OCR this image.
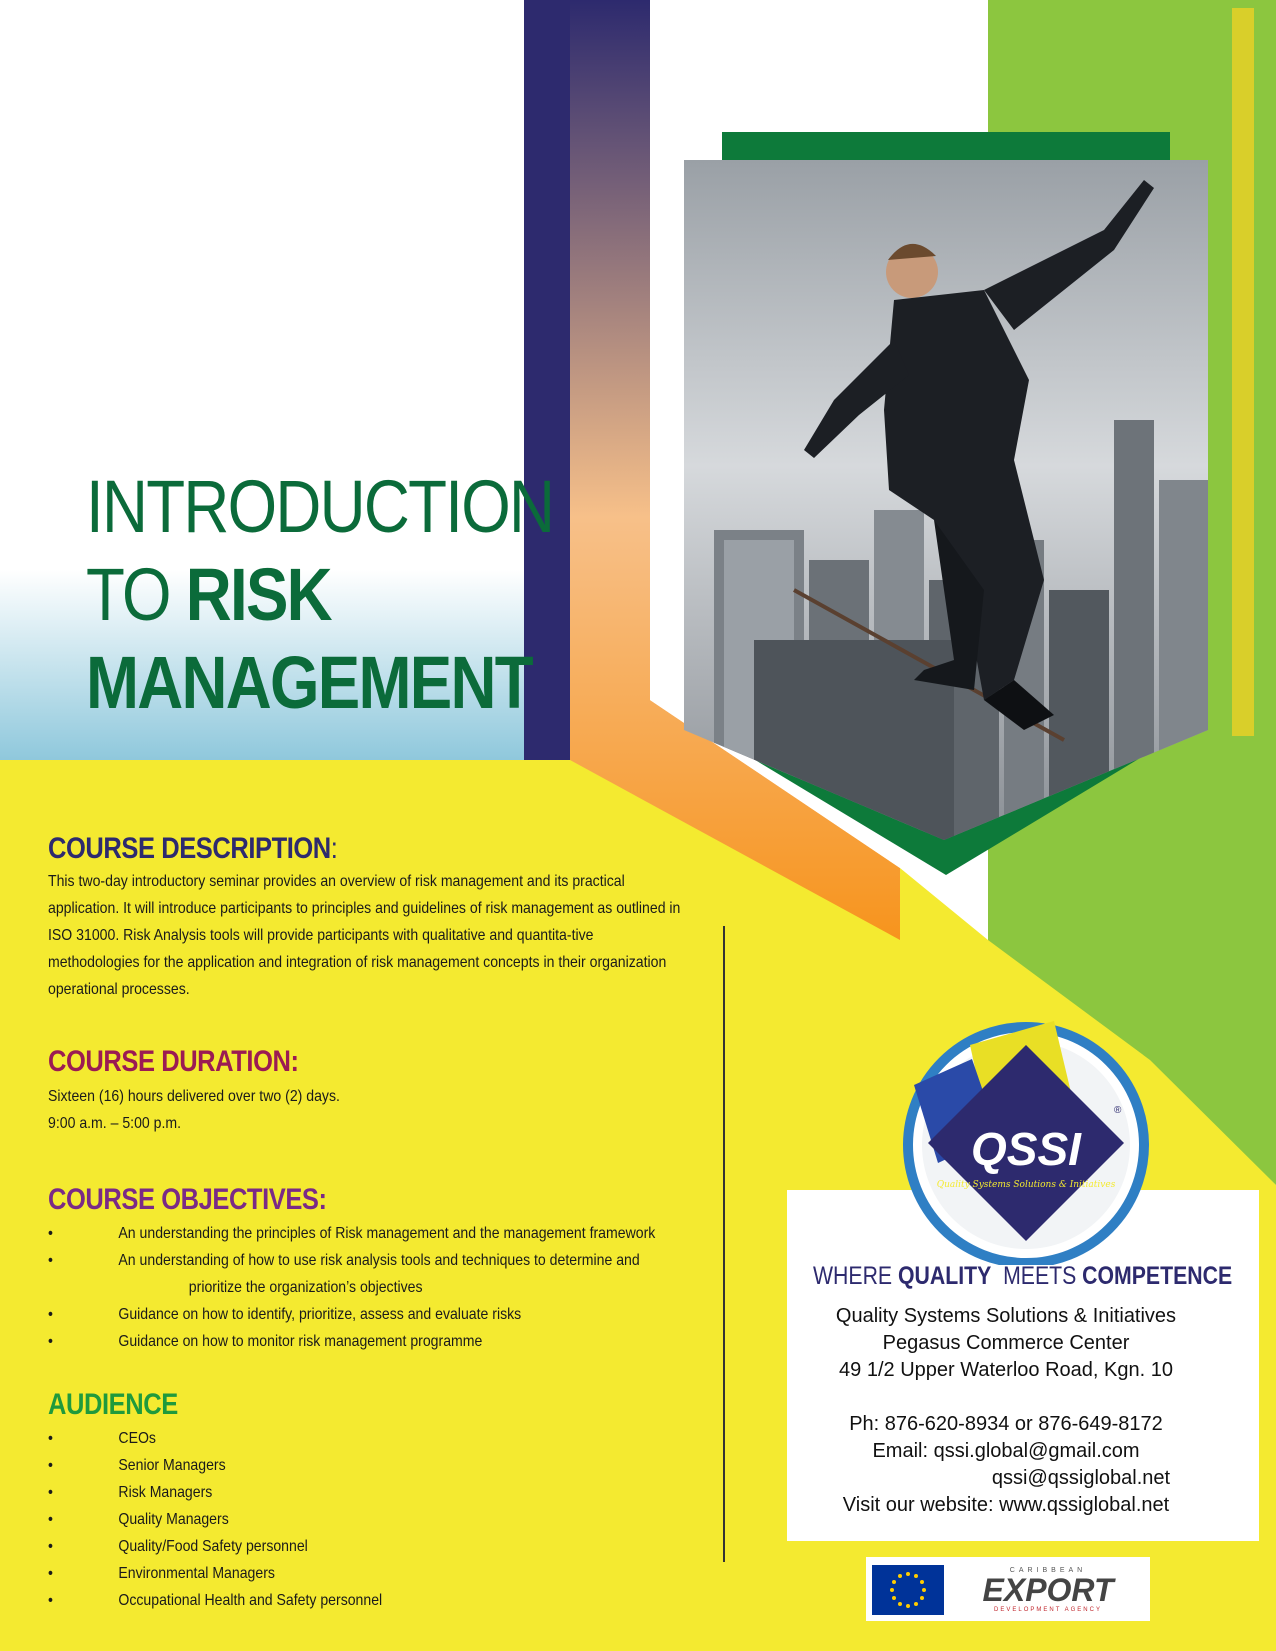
INTRODUCTION
TO RISK
MANAGEMENT
COURSE DESCRIPTION:

This two-day introductory seminar provides an overview of risk management and its practical application. It will introduce participants to principles and guidelines of risk management as outlined in ISO 31000. Risk Analysis tools will provide participants with qualitative and quantita-tive methodologies for the application and integration of risk management concepts in their organization operational processes.

COURSE DURATION:

Sixteen (16) hours delivered over two (2) days.

9:00 a.m. – 5:00 p.m.

COURSE OBJECTIVES:
• An understanding the principles of Risk management and the management framework
• An understanding of how to use risk analysis tools and techniques to determine and
prioritize the organization’s objectives
• Guidance on how to identify, prioritize, assess and evaluate risks
• Guidance on how to monitor risk management programme
AUDIENCE
• CEOs
• Senior Managers
• Risk Managers
• Quality Managers
• Quality/Food Safety personnel
• Environmental Managers
• Occupational Health and Safety personnel
QSSI
®
Quality Systems Solutions & Initiatives
WHERE QUALITY  MEETS COMPETENCE
Quality Systems Solutions & Initiatives
Pegasus Commerce Center
49 1/2 Upper Waterloo Road, Kgn. 10
Ph: 876-620-8934 or 876-649-8172
Email: qssi.global@gmail.com
qssi@qssiglobal.net
Visit our website: www.qssiglobal.net
CARIBBEAN
EXPORT
DEVELOPMENT AGENCY
